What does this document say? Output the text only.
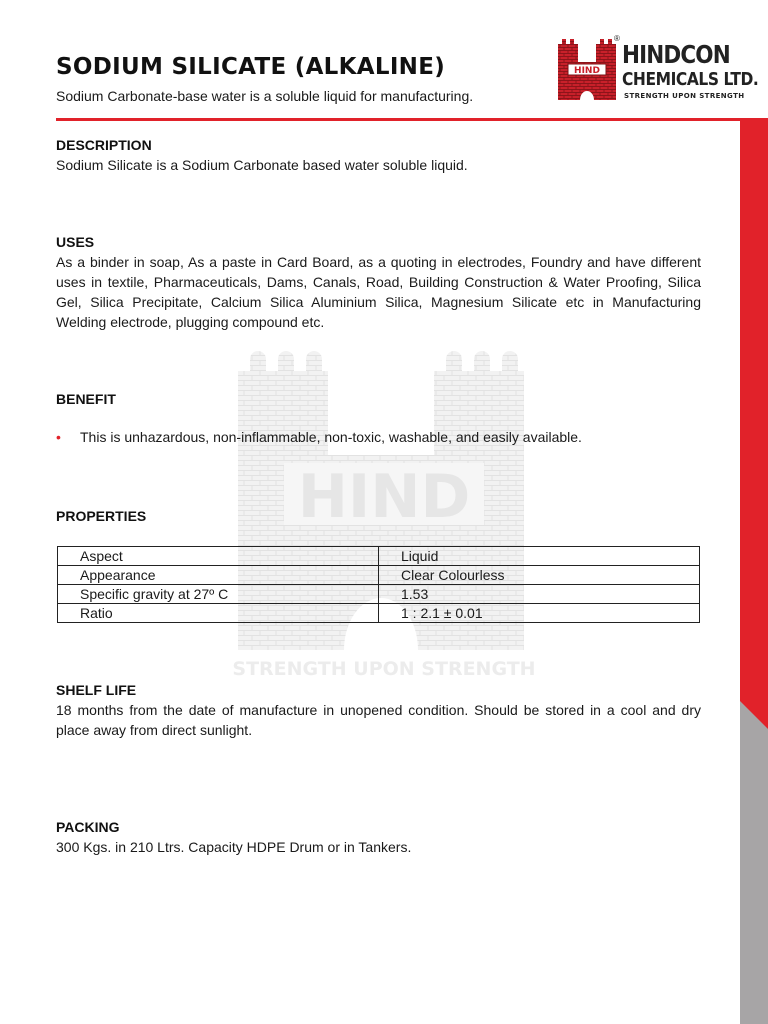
SODIUM SILICATE (ALKALINE)

Sodium Carbonate-base water is a soluble liquid for manufacturing.

HIND
®
HINDCON
CHEMICALS LTD.
STRENGTH UPON STRENGTH
HIND
STRENGTH UPON STRENGTH
DESCRIPTION

Sodium Silicate is a Sodium Carbonate based water soluble liquid.

USES

As a binder in soap, As a paste in Card Board, as a quoting in electrodes, Foundry and have different uses in textile, Pharmaceuticals, Dams, Canals, Road, Building Construction & Water Proofing, Silica Gel, Silica Precipitate, Calcium Silica Aluminium Silica, Magnesium Silicate etc in Manufacturing Welding electrode, plugging compound etc.

BENEFIT
• This is unhazardous, non-inflammable, non-toxic, washable, and easily available.
PROPERTIES
Aspect	Liquid
Appearance	Clear Colourless
Specific gravity at 27º C	1.53
Ratio	1 : 2.1 ± 0.01
SHELF LIFE

18 months from the date of manufacture in unopened condition. Should be stored in a cool and dry place away from direct sunlight.

PACKING

300 Kgs. in 210 Ltrs. Capacity HDPE Drum or in Tankers.
